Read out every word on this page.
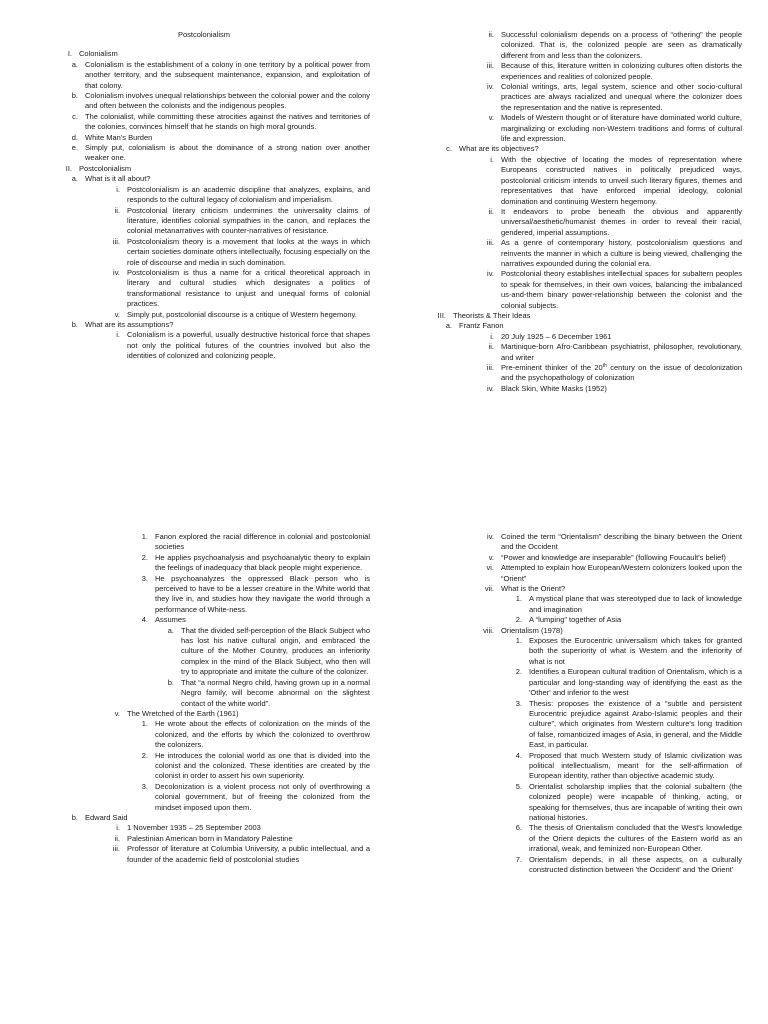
Postcolonialism
I. Colonialism
a. Colonialism is the establishment of a colony in one territory by a political power from another territory, and the subsequent maintenance, expansion, and exploitation of that colony.
b. Colonialism involves unequal relationships between the colonial power and the colony and often between the colonists and the indigenous peoples.
c. The colonialist, while committing these atrocities against the natives and territories of the colonies, convinces himself that he stands on high moral grounds.
d. White Man's Burden
e. Simply put, colonialism is about the dominance of a strong nation over another weaker one.
II. Postcolonialism
a. What is it all about?
i. Postcolonialism is an academic discipline that analyzes, explains, and responds to the cultural legacy of colonialism and imperialism.
ii. Postcolonial literary criticism undermines the universality claims of literature, identifies colonial sympathies in the canon, and replaces the colonial metanarratives with counter-narratives of resistance.
iii. Postcolonialism theory is a movement that looks at the ways in which certain societies dominate others intellectually, focusing especially on the role of discourse and media in such domination.
iv. Postcolonialism is thus a name for a critical theoretical approach in literary and cultural studies which designates a politics of transformational resistance to unjust and unequal forms of colonial practices.
v. Simply put, postcolonial discourse is a critique of Western hegemony.
b. What are its assumptions?
i. Colonialism is a powerful, usually destructive historical force that shapes not only the political futures of the countries involved but also the identities of colonized and colonizing people.
ii. Successful colonialism depends on a process of “othering” the people colonized. That is, the colonized people are seen as dramatically different from and less than the colonizers.
iii. Because of this, literature written in colonizing cultures often distorts the experiences and realities of colonized people.
iv. Colonial writings, arts, legal system, science and other socio-cultural practices are always racialized and unequal where the colonizer does the representation and the native is represented.
v. Models of Western thought or of literature have dominated world culture, marginalizing or excluding non-Western traditions and forms of cultural life and expression.
c. What are its objectives?
i. With the objective of locating the modes of representation where Europeans constructed natives in politically prejudiced ways, postcolonial criticism intends to unveil such literary figures, themes and representatives that have enforced imperial ideology, colonial domination and continuing Western hegemony.
ii. It endeavors to probe beneath the obvious and apparently universal/aesthetic/humanist themes in order to reveal their racial, gendered, imperial assumptions.
iii. As a genre of contemporary history, postcolonialism questions and reinvents the manner in which a culture is being viewed, challenging the narratives expounded during the colonial era.
iv. Postcolonial theory establishes intellectual spaces for subaltern peoples to speak for themselves, in their own voices, balancing the imbalanced us-and-them binary power-relationship between the colonist and the colonial subjects.
III. Theorists & Their Ideas
a. Frantz Fanon
i. 20 July 1925 – 6 December 1961
ii. Martinique-born Afro-Caribbean psychiatrist, philosopher, revolutionary, and writer
iii. Pre-eminent thinker of the 20th century on the issue of decolonization and the psychopathology of colonization
iv. Black Skin, White Masks (1952)
1. Fanon explored the racial difference in colonial and postcolonial societies
2. He applies psychoanalysis and psychoanalytic theory to explain the feelings of inadequacy that black people might experience.
3. He psychoanalyzes the oppressed Black person who is perceived to have to be a lesser creature in the White world that they live in, and studies how they navigate the world through a performance of White-ness.
4. Assumes
a. That the divided self-perception of the Black Subject who has lost his native cultural origin, and embraced the culture of the Mother Country, produces an inferiority complex in the mind of the Black Subject, who then will try to appropriate and imitate the culture of the colonizer.
b. That “a normal Negro child, having grown up in a normal Negro family, will become abnormal on the slightest contact of the white world”.
v. The Wretched of the Earth (1961)
1. He wrote about the effects of colonization on the minds of the colonized, and the efforts by which the colonized to overthrow the colonizers.
2. He introduces the colonial world as one that is divided into the colonist and the colonized. These identities are created by the colonist in order to assert his own superiority.
3. Decolonization is a violent process not only of overthrowing a colonial government, but of freeing the colonized from the mindset imposed upon them.
b. Edward Said
i. 1 November 1935 – 25 September 2003
ii. Palestinian American born in Mandatory Palestine
iii. Professor of literature at Columbia University, a public intellectual, and a founder of the academic field of postcolonial studies
iv. Coined the term “Orientalism” describing the binary between the Orient and the Occident
v. “Power and knowledge are inseparable” (following Foucault's belief)
vi. Attempted to explain how European/Western colonizers looked upon the “Orient”
vii. What is the Orient?
1. A mystical plane that was stereotyped due to lack of knowledge and imagination
2. A “lumping” together of Asia
viii. Orientalism (1978)
1. Exposes the Eurocentric universalism which takes for granted both the superiority of what is Western and the inferiority of what is not
2. Identifies a European cultural tradition of Orientalism, which is a particular and long-standing way of identifying the east as the 'Other' and inferior to the west
3. Thesis: proposes the existence of a “subtle and persistent Eurocentric prejudice against Arabo-Islamic peoples and their culture”, which originates from Western culture's long tradition of false, romanticized images of Asia, in general, and the Middle East, in particular.
4. Proposed that much Western study of Islamic civilization was political intellectualism, meant for the self-affirmation of European identity, rather than objective academic study.
5. Orientalist scholarship implies that the colonial subaltern (the colonized people) were incapable of thinking, acting, or speaking for themselves, thus are incapable of writing their own national histories.
6. The thesis of Orientalism concluded that the West's knowledge of the Orient depicts the cultures of the Eastern world as an irrational, weak, and feminized non-European Other.
7. Orientalism depends, in all these aspects, on a culturally constructed distinction between 'the Occident' and 'the Orient'
